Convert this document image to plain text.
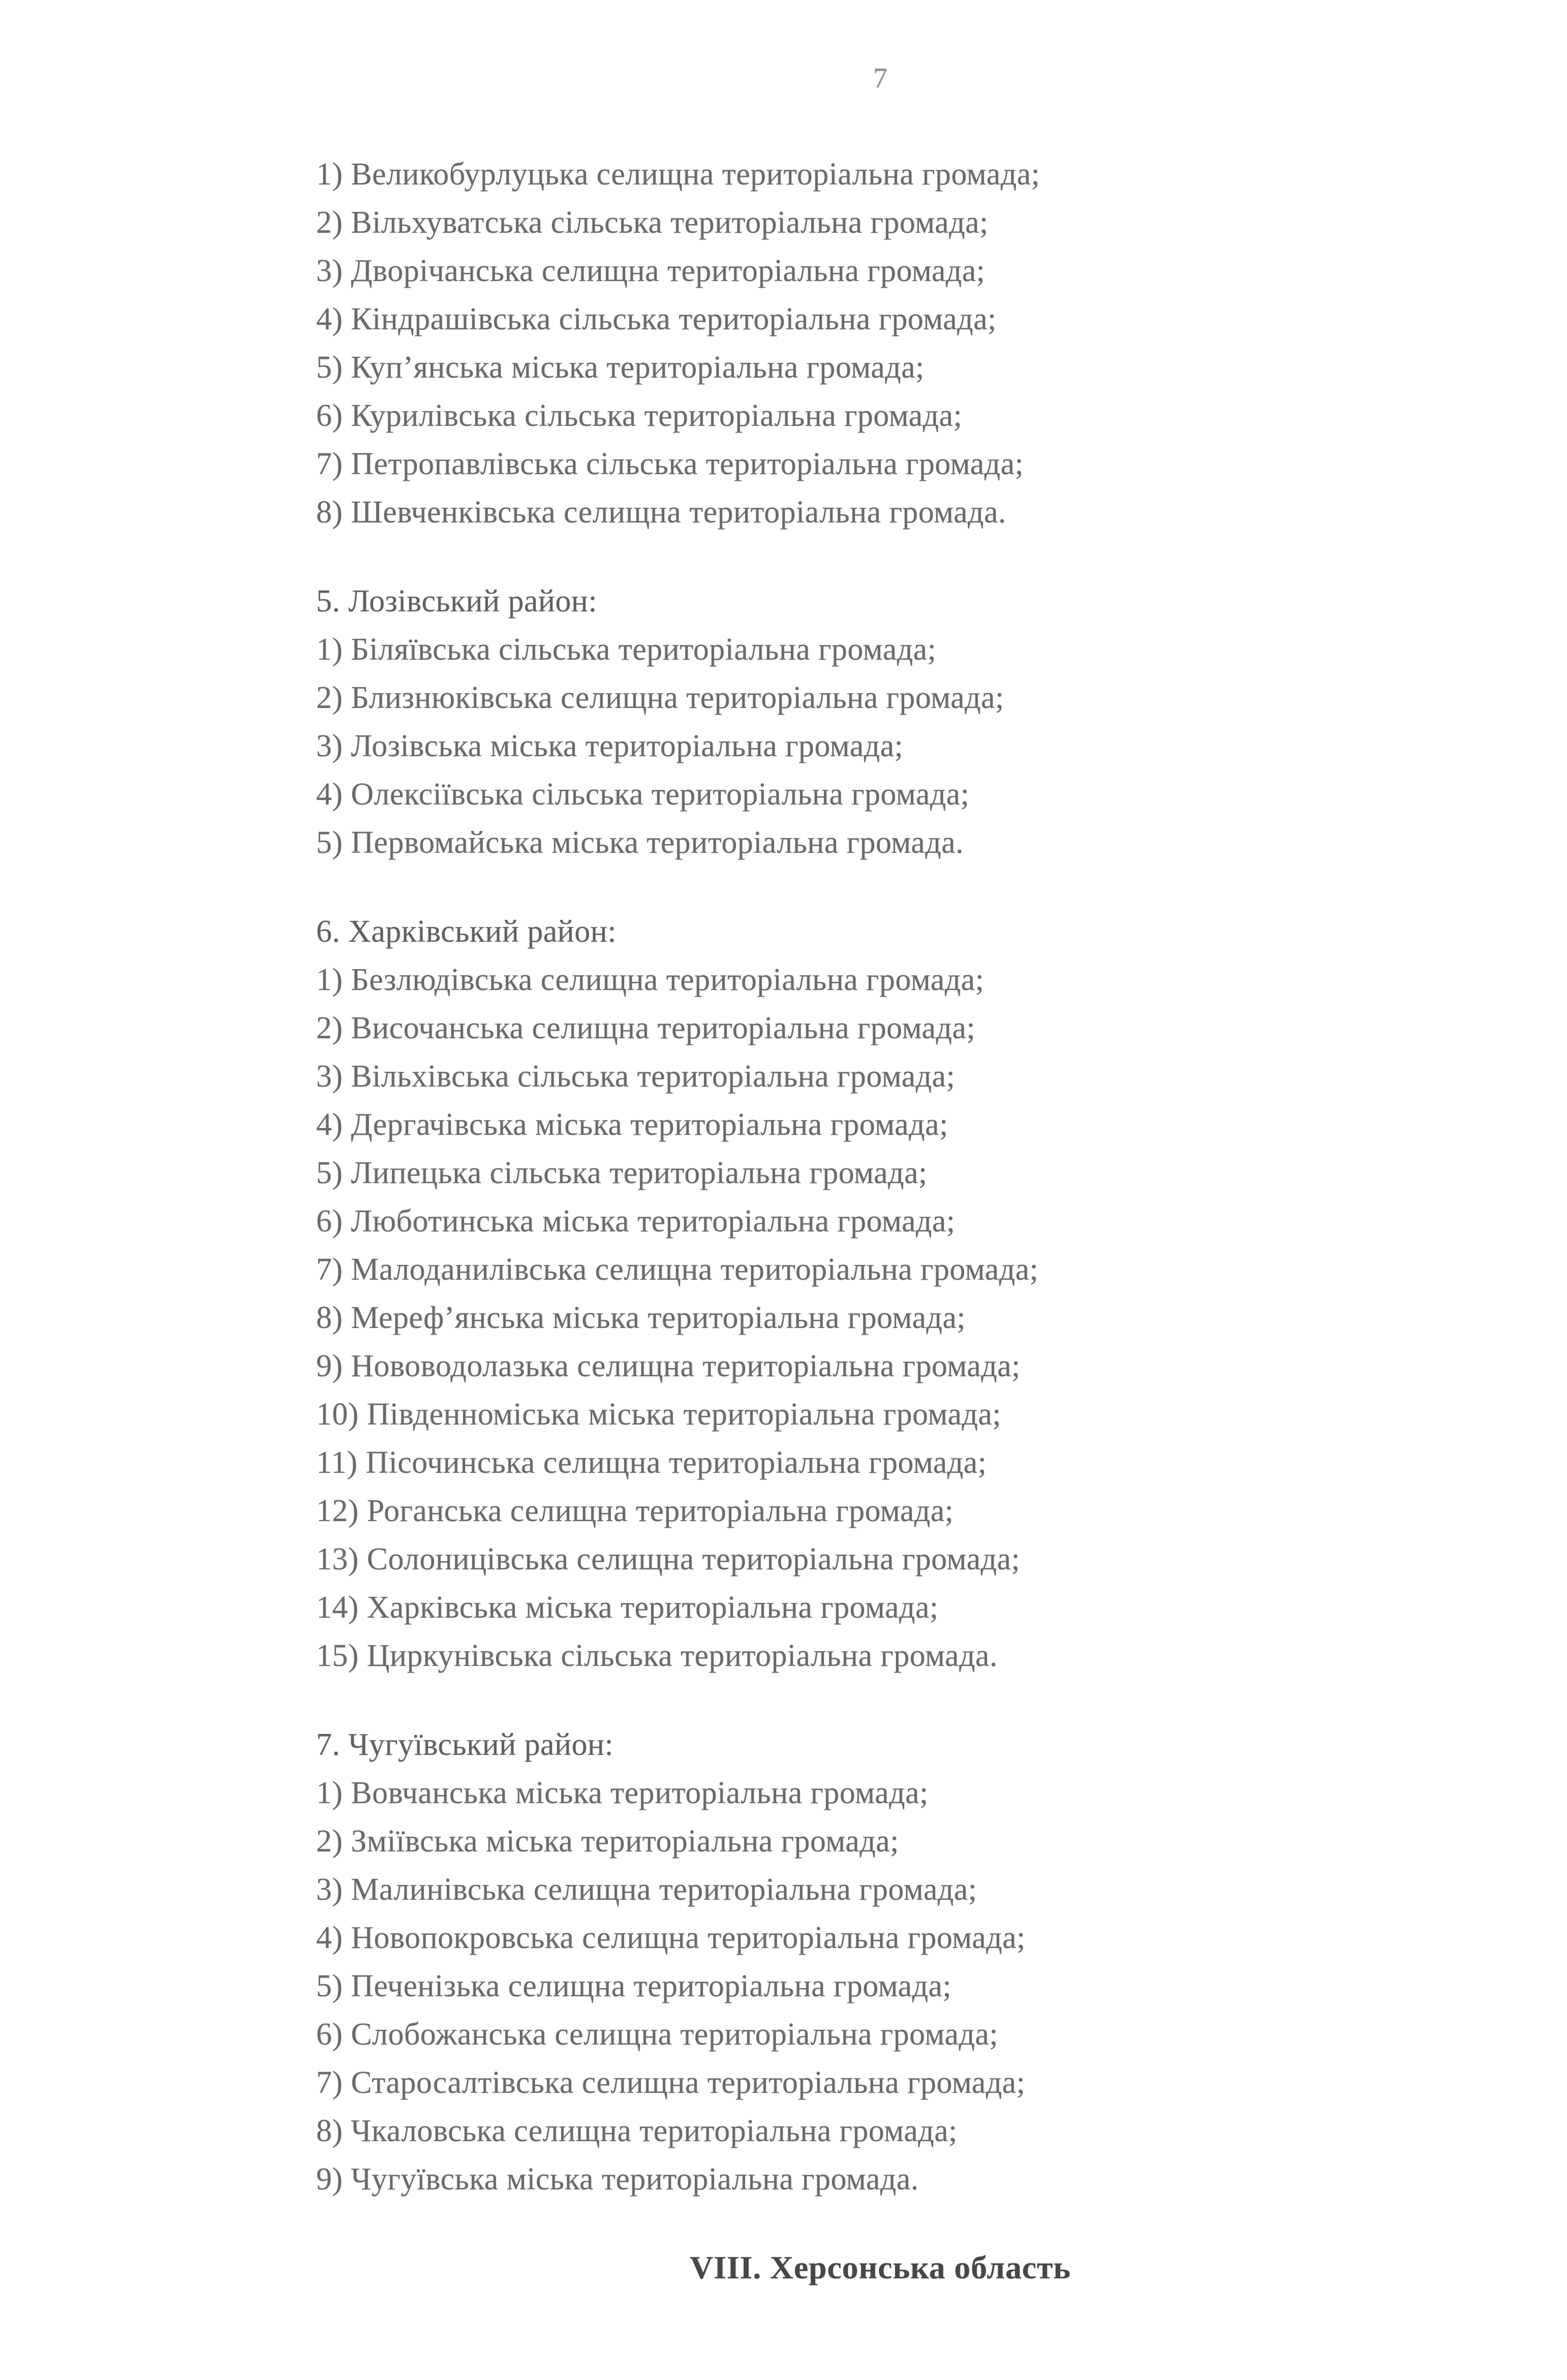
7

1) Великобурлуцька селищна територіальна громада;

2) Вільхуватська сільська територіальна громада;

3) Дворічанська селищна територіальна громада;

4) Кіндрашівська сільська територіальна громада;

5) Куп’янська міська територіальна громада;

6) Курилівська сільська територіальна громада;

7) Петропавлівська сільська територіальна громада;

8) Шевченківська селищна територіальна громада.

5. Лозівський район:

1) Біляївська сільська територіальна громада;

2) Близнюківська селищна територіальна громада;

3) Лозівська міська територіальна громада;

4) Олексіївська сільська територіальна громада;

5) Первомайська міська територіальна громада.

6. Харківський район:

1) Безлюдівська селищна територіальна громада;

2) Височанська селищна територіальна громада;

3) Вільхівська сільська територіальна громада;

4) Дергачівська міська територіальна громада;

5) Липецька сільська територіальна громада;

6) Люботинська міська територіальна громада;

7) Малоданилівська селищна територіальна громада;

8) Мереф’янська міська територіальна громада;

9) Нововодолазька селищна територіальна громада;

10) Південноміська міська територіальна громада;

11) Пісочинська селищна територіальна громада;

12) Роганська селищна територіальна громада;

13) Солоницівська селищна територіальна громада;

14) Харківська міська територіальна громада;

15) Циркунівська сільська територіальна громада.

7. Чугуївський район:

1) Вовчанська міська територіальна громада;

2) Зміївська міська територіальна громада;

3) Малинівська селищна територіальна громада;

4) Новопокровська селищна територіальна громада;

5) Печенізька селищна територіальна громада;

6) Слобожанська селищна територіальна громада;

7) Старосалтівська селищна територіальна громада;

8) Чкаловська селищна територіальна громада;

9) Чугуївська міська територіальна громада.

VIII. Херсонська область
